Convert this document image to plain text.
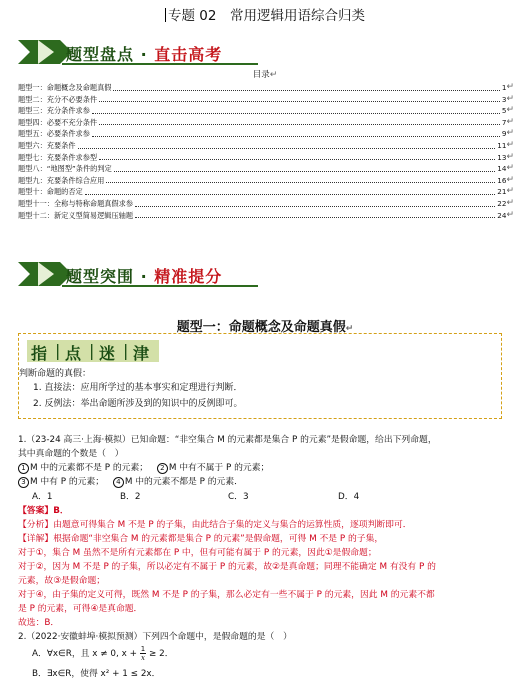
专题 02　常用逻辑用语综合归类
题型盘点 · 直击高考
目录↵
题型一：命题概念及命题真假	1 ↵
题型二：充分不必要条件	3 ↵
题型三：充分条件求参	5 ↵
题型四：必要不充分条件	7 ↵
题型五：必要条件求参	9 ↵
题型六：充要条件	11 ↵
题型七：充要条件求参型	13 ↵
题型八：“地图型”条件的判定	14 ↵
题型九：充要条件综合应用	16 ↵
题型十：命题的否定	21 ↵
题型十一：全称与特称命题真假求参	22 ↵
题型十二：新定义型简易逻辑压轴题	24 ↵
题型突围 · 精准提分
题型一：命题概念及命题真假↵
指 | 点 | 迷 | 津
判断命题的真假：
1. 直接法：应用所学过的基本事实和定理进行判断．
2. 反例法：举出命题所涉及到的知识中的反例即可。
1.（23-24 高三·上海·模拟）已知命题：“非空集合 M 的元素都是集合 P 的元素”是假命题，给出下列命题，
其中真命题的个数是（　）
1 M 中的元素都不是 P 的元素； 2 M 中有不属于 P 的元素；
3 M 中有 P 的元素； 4 M 中的元素不都是 P 的元素．
A．1	B．2	C．3	D．4
【答案】B．
【分析】由题意可得集合 M 不是 P 的子集，由此结合子集的定义与集合的运算性质，逐项判断即可．
【详解】根据命题“非空集合 M 的元素都是集合 P 的元素”是假命题，可得 M 不是 P 的子集，
对于①，集合 M 虽然不是所有元素都在 P 中，但有可能有属于 P 的元素，因此①是假命题；
对于②，因为 M 不是 P 的子集，所以必定有不属于 P 的元素，故②是真命题；同理不能确定 M 有没有 P 的
元素，故③是假命题；
对于④，由子集的定义可得，既然 M 不是 P 的子集，那么必定有一些不属于 P 的元素，因此 M 的元素不都
是 P 的元素，可得④是真命题．
故选：B．
2.（2022·安徽蚌埠·模拟预测）下列四个命题中，是假命题的是（　）
A．∀x∈R，且 x ≠ 0, $x + \frac{1}{x} \ge 2$．
B．∃x∈R，使得 x² + 1 ≤ 2x．
